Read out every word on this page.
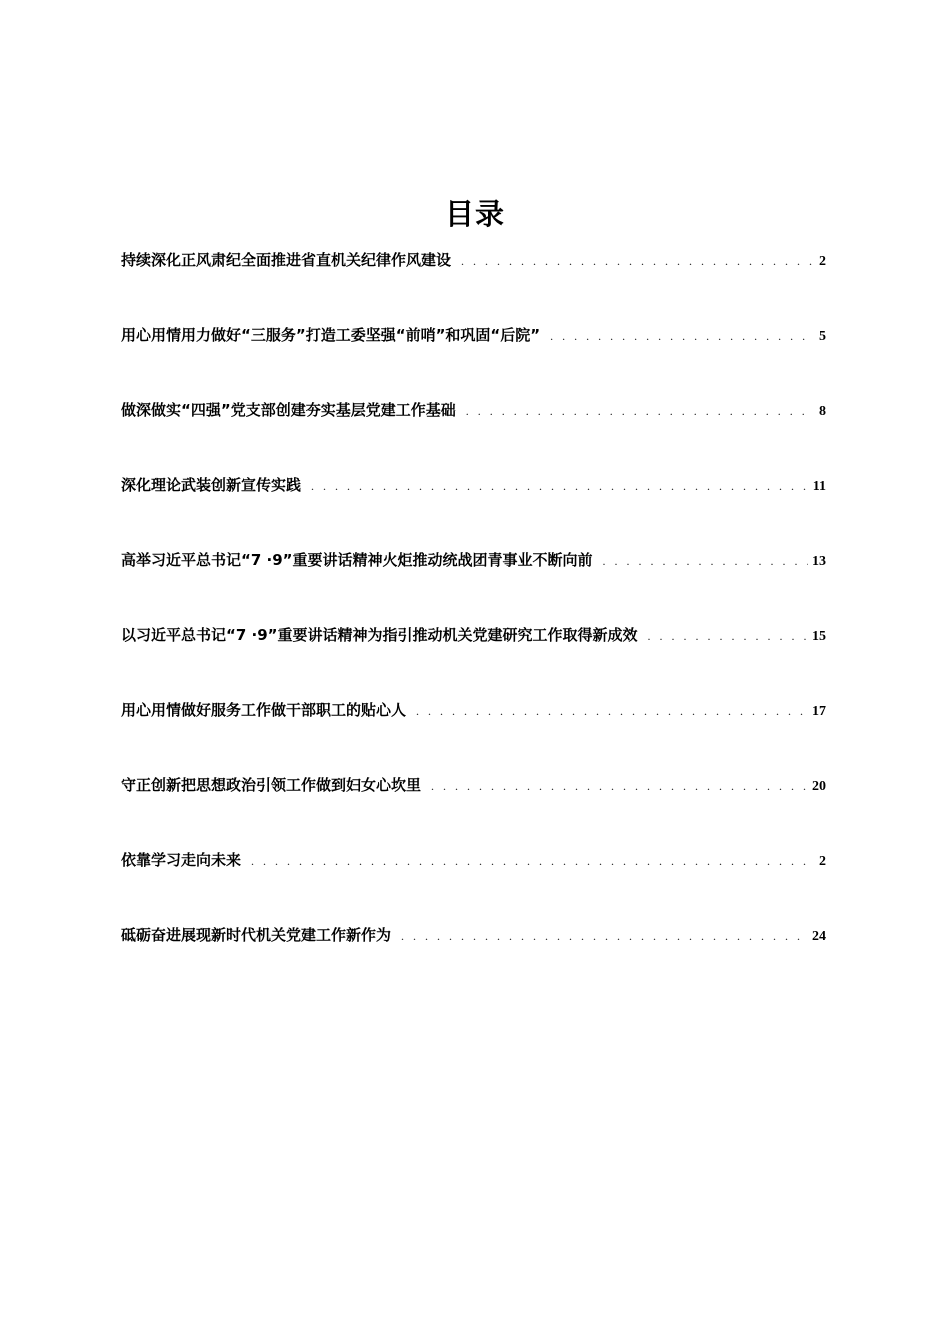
目录
持续深化正风肃纪全面推进省直机关纪律作风建设 . . .	2
用心用情用力做好“三服务”打造工委坚强“前哨”和巩固“后院” . . .	5
做深做实“四强”党支部创建夯实基层党建工作基础 . . .	8
深化理论武装创新宣传实践 . . .	11
高举习近平总书记“7 ·9”重要讲话精神火炬推动统战团青事业不断向前 . . .	13
以习近平总书记“7 ·9”重要讲话精神为指引推动机关党建研究工作取得新成效 . . .	15
用心用情做好服务工作做干部职工的贴心人 . . .	17
守正创新把思想政治引领工作做到妇女心坎里 . . .	20
依靠学习走向未来 . . .	2
砥砺奋进展现新时代机关党建工作新作为 . . .	24
